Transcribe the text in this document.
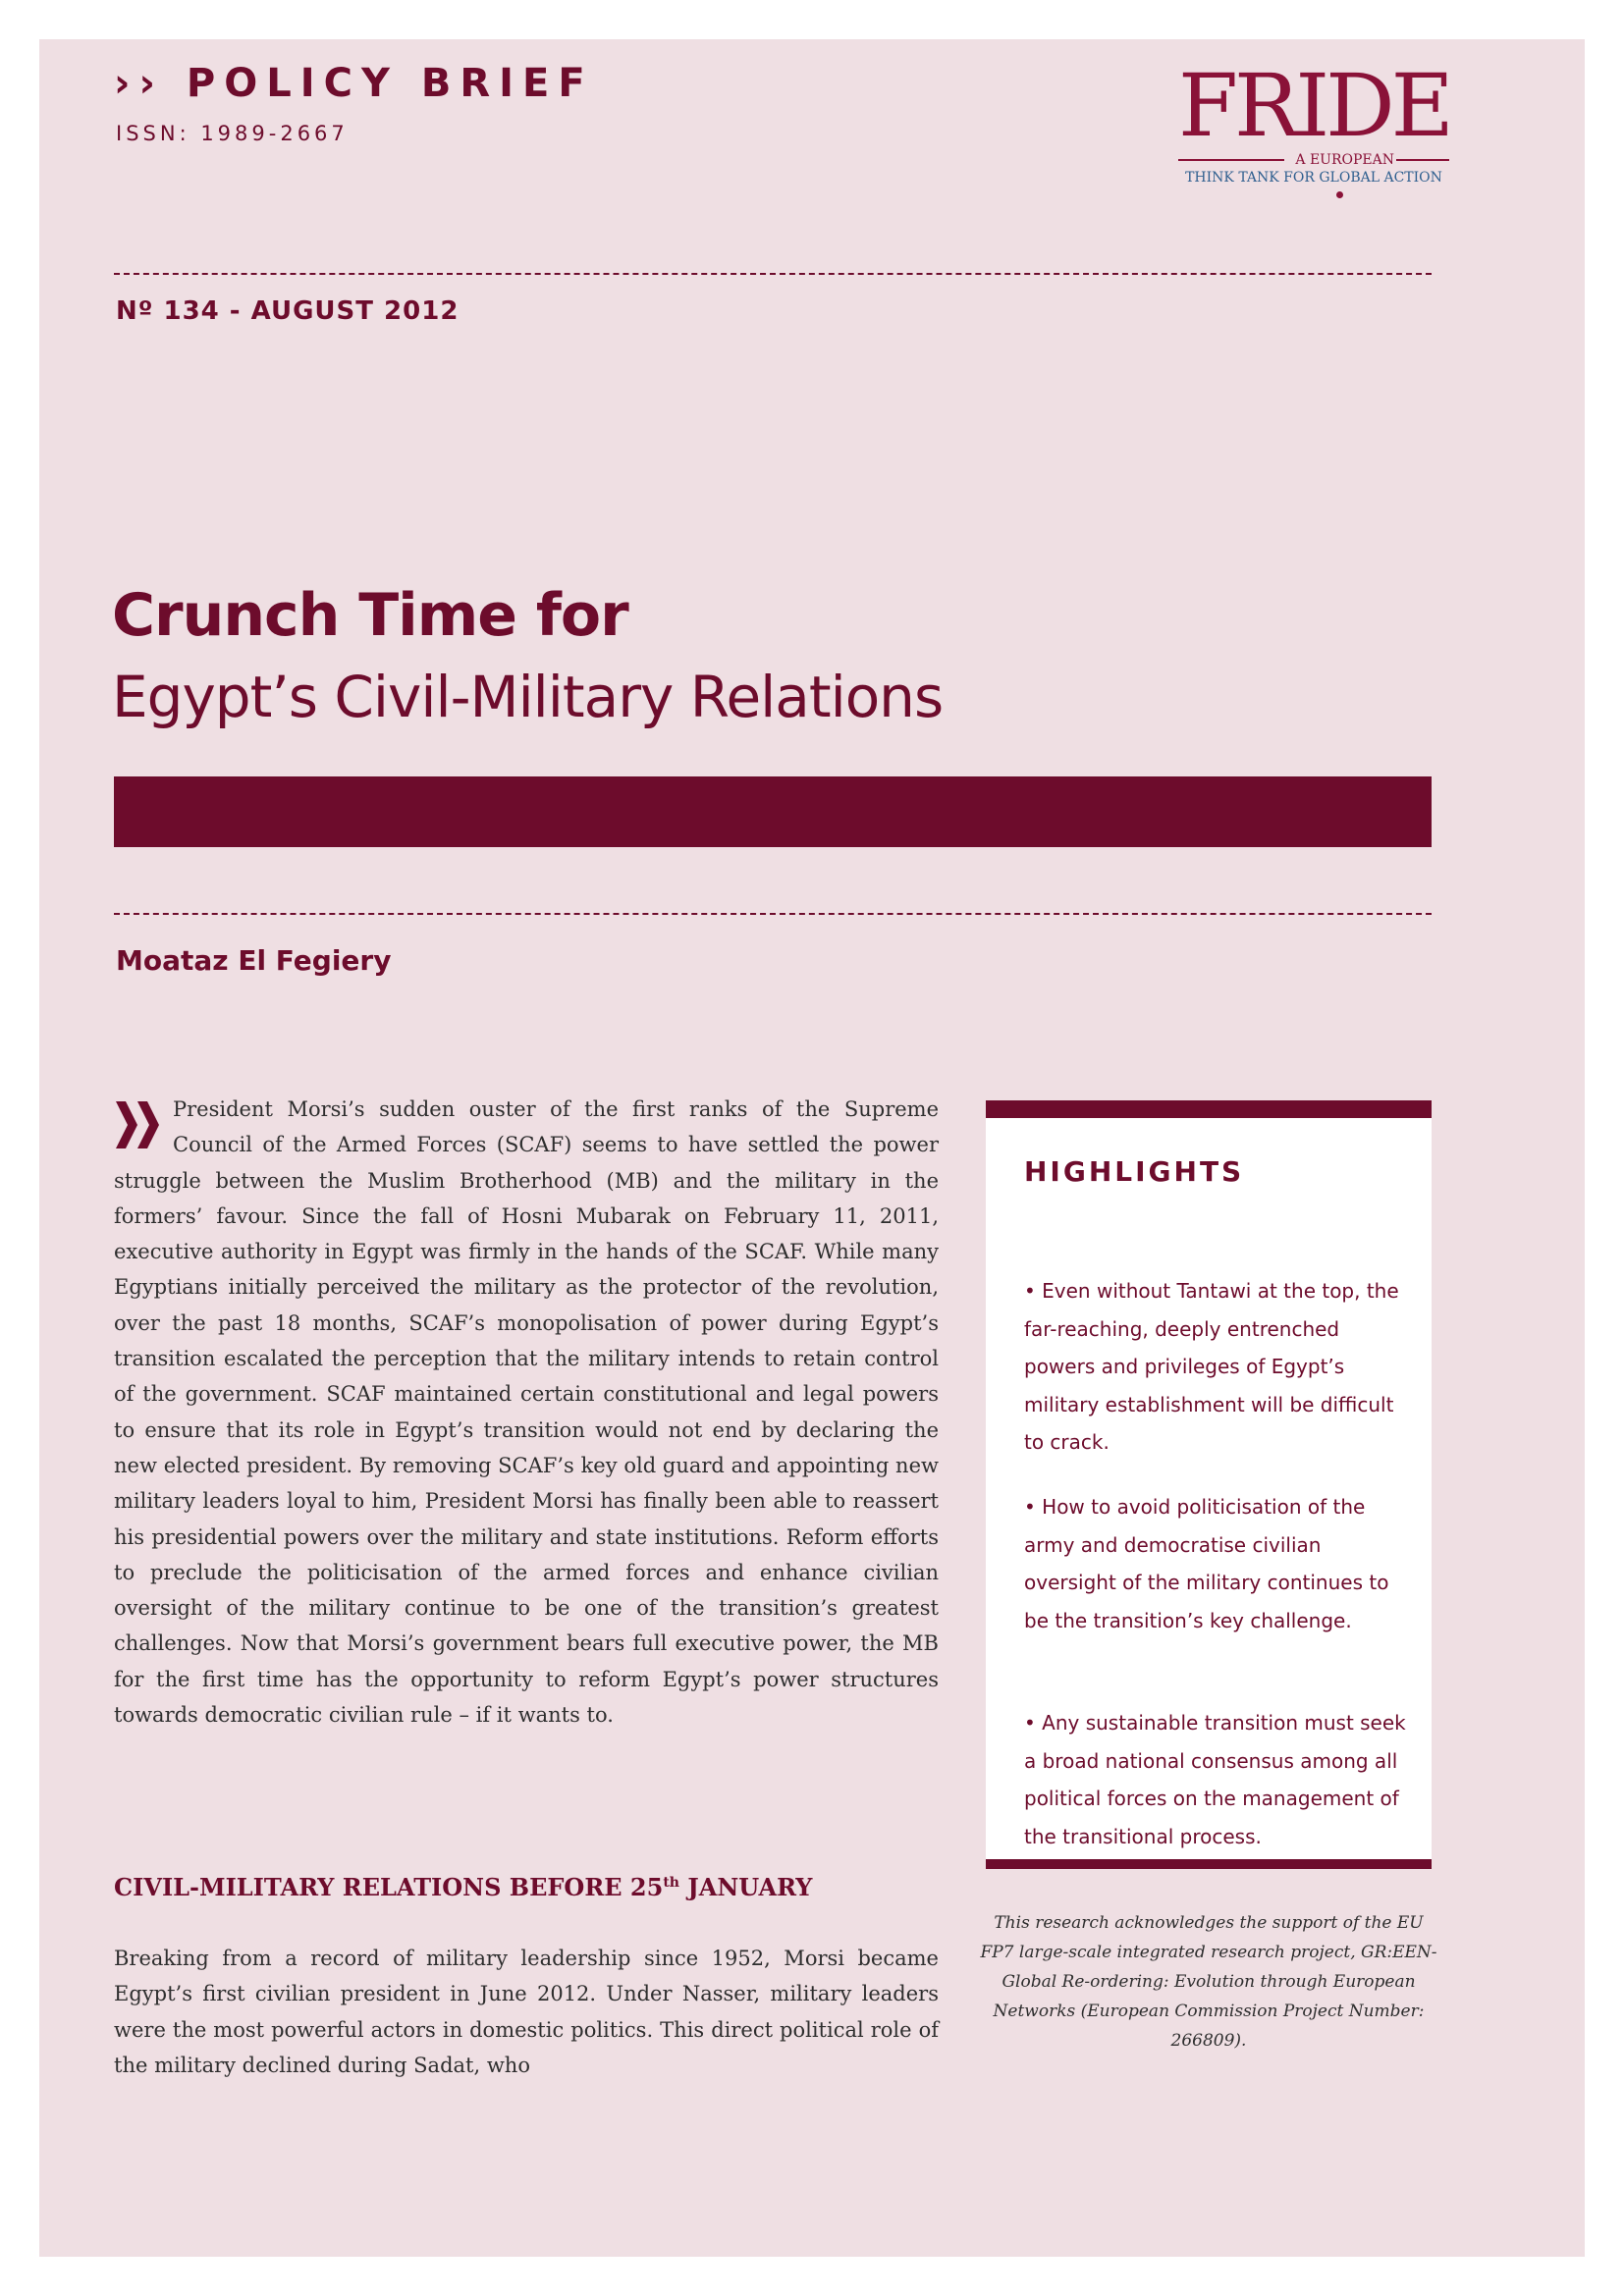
›› POLICY BRIEF
ISSN: 1989-2667	FRIDE
A EUROPEAN
THINK TANK FOR GLOBAL ACTION
Nº 134 - AUGUST 2012
Crunch Time for
Egypt’s Civil-Military Relations
Moataz El Fegiery
President Morsi’s sudden ouster of the first ranks of the Supreme Council of the Armed Forces (SCAF) seems to have settled the power struggle between the Muslim Brotherhood (MB) and the military in the formers’ favour. Since the fall of Hosni Mubarak on February 11, 2011, executive authority in Egypt was firmly in the hands of the SCAF. While many Egyptians initially perceived the military as the protector of the revolution, over the past 18 months, SCAF’s monopolisation of power during Egypt’s transition escalated the perception that the military intends to retain control of the government. SCAF maintained certain constitutional and legal powers to ensure that its role in Egypt’s transition would not end by declaring the new elected president. By removing SCAF’s key old guard and appointing new military leaders loyal to him, President Morsi has finally been able to reassert his presidential powers over the military and state institutions. Reform efforts to preclude the politicisation of the armed forces and enhance civilian oversight of the military continue to be one of the transition’s greatest challenges. Now that Morsi’s government bears full executive power, the MB for the first time has the opportunity to reform Egypt’s power structures towards democratic civilian rule – if it wants to.
CIVIL-MILITARY RELATIONS BEFORE 25th JANUARY
Breaking from a record of military leadership since 1952, Morsi became Egypt’s first civilian president in June 2012. Under Nasser, military leaders were the most powerful actors in domestic politics. This direct political role of the military declined during Sadat, who
HIGHLIGHTS
• Even without Tantawi at the top, the far-reaching, deeply entrenched powers and privileges of Egypt’s military establishment will be difficult to crack.
• How to avoid politicisation of the army and democratise civilian oversight of the military continues to be the transition’s key challenge.
• Any sustainable transition must seek a broad national consensus among all political forces on the management of the transitional process.
This research acknowledges the support of the EU FP7 large-scale integrated research project, GR:EEN-Global Re-ordering: Evolution through European Networks (European Commission Project Number: 266809).
